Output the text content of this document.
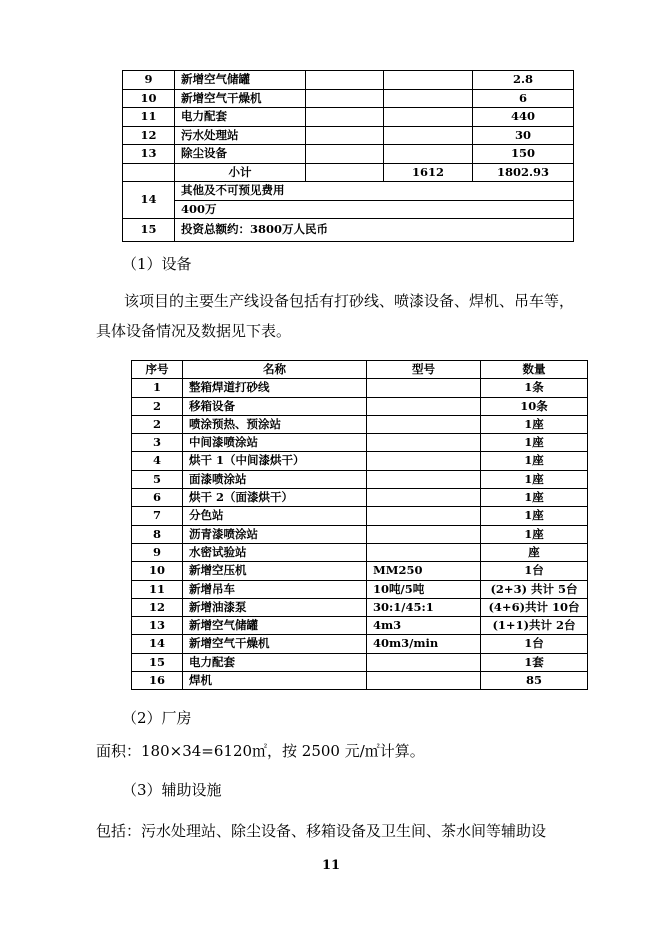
9	新增空气储罐			2.8
10	新增空气干燥机			6
11	电力配套			440
12	污水处理站			30
13	除尘设备			150
	小计		1612	1802.93
14	其他及不可预见费用			
	400万			
15	投资总额约：3800万人民币			
（1）设备
该项目的主要生产线设备包括有打砂线、喷漆设备、焊机、吊车等，
具体设备情况及数据见下表。
序号	名称	型号	数量
1	整箱焊道打砂线		1条
2	移箱设备		10条
2	喷涂预热、预涂站		1座
3	中间漆喷涂站		1座
4	烘干 1（中间漆烘干）		1座
5	面漆喷涂站		1座
6	烘干 2（面漆烘干）		1座
7	分色站		1座
8	沥青漆喷涂站		1座
9	水密试验站		座
10	新增空压机	MM250	1台
11	新增吊车	10吨/5吨	(2+3) 共计 5台
12	新增油漆泵	30:1/45:1	(4+6)共计 10台
13	新增空气储罐	4m3	(1+1)共计 2台
14	新增空气干燥机	40m3/min	1台
15	电力配套		1套
16	焊机		85
（2）厂房
面积：180×34=6120㎡，按 2500 元/㎡计算。
（3）辅助设施
包括：污水处理站、除尘设备、移箱设备及卫生间、茶水间等辅助设
11
